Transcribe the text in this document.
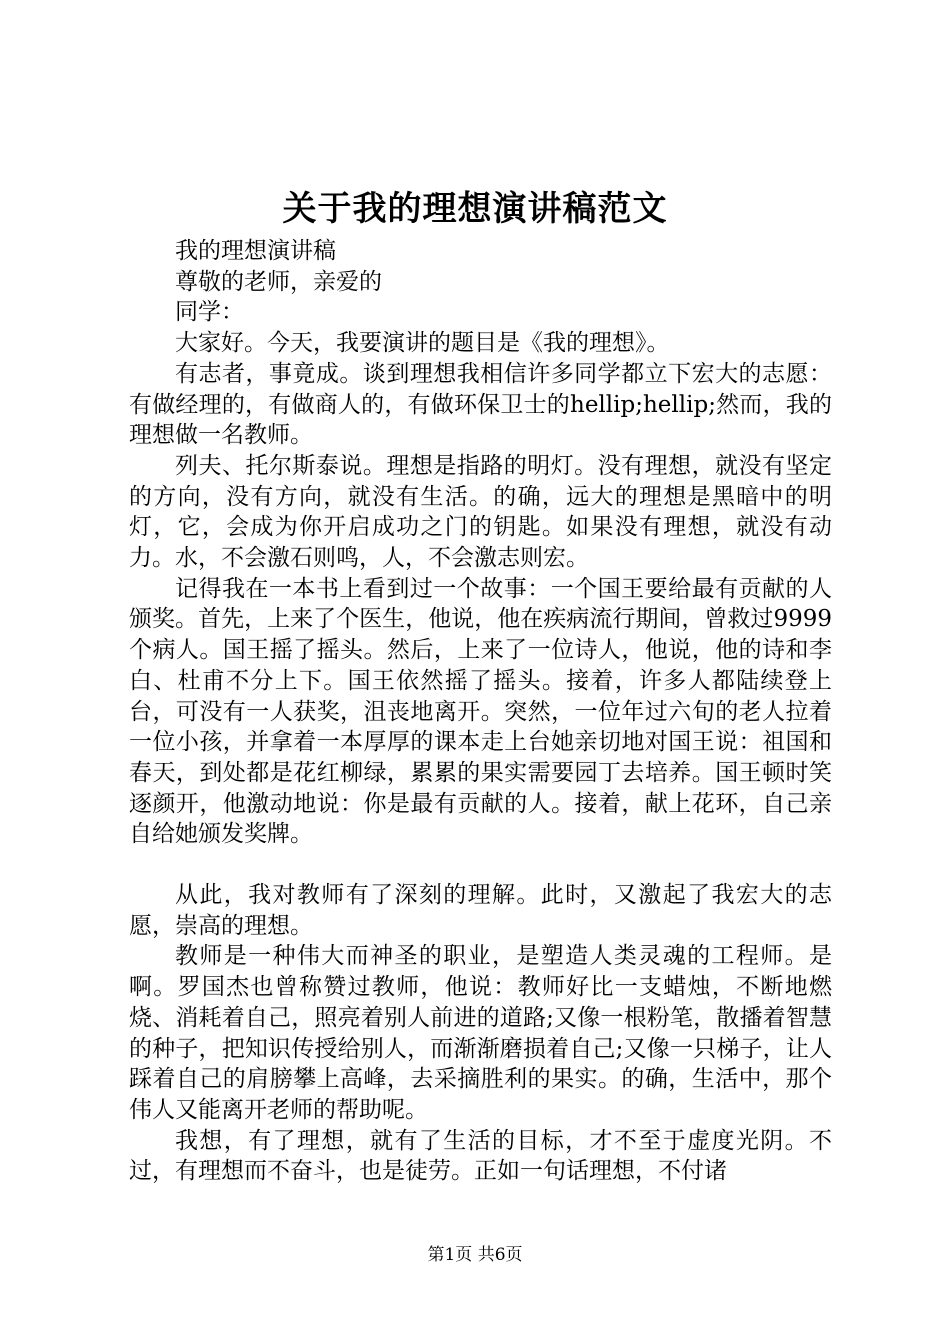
关于我的理想演讲稿范文

我的理想演讲稿

尊敬的老师，亲爱的

同学：

大家好。今天，我要演讲的题目是《我的理想》。

有志者，事竟成。谈到理想我相信许多同学都立下宏大的志愿：有做经理的，有做商人的，有做环保卫士的hellip;hellip;然而，我的理想做一名教师。

列夫、托尔斯泰说。理想是指路的明灯。没有理想，就没有坚定的方向，没有方向，就没有生活。的确，远大的理想是黑暗中的明灯，它，会成为你开启成功之门的钥匙。如果没有理想，就没有动力。水，不会激石则鸣，人，不会激志则宏。

记得我在一本书上看到过一个故事：一个国王要给最有贡献的人颁奖。首先，上来了个医生，他说，他在疾病流行期间，曾救过9999个病人。国王摇了摇头。然后，上来了一位诗人，他说，他的诗和李白、杜甫不分上下。国王依然摇了摇头。接着，许多人都陆续登上台，可没有一人获奖，沮丧地离开。突然，一位年过六旬的老人拉着一位小孩，并拿着一本厚厚的课本走上台她亲切地对国王说：祖国和春天，到处都是花红柳绿，累累的果实需要园丁去培养。国王顿时笑逐颜开，他激动地说：你是最有贡献的人。接着，献上花环，自己亲自给她颁发奖牌。

从此，我对教师有了深刻的理解。此时，又激起了我宏大的志愿，崇高的理想。

教师是一种伟大而神圣的职业，是塑造人类灵魂的工程师。是啊。罗国杰也曾称赞过教师，他说：教师好比一支蜡烛，不断地燃烧、消耗着自己，照亮着别人前进的道路;又像一根粉笔，散播着智慧的种子，把知识传授给别人，而渐渐磨损着自己;又像一只梯子，让人踩着自己的肩膀攀上高峰，去采摘胜利的果实。的确，生活中，那个伟人又能离开老师的帮助呢。

我想，有了理想，就有了生活的目标，才不至于虚度光阴。不过，有理想而不奋斗，也是徒劳。正如一句话理想，不付诸

第1页 共6页
